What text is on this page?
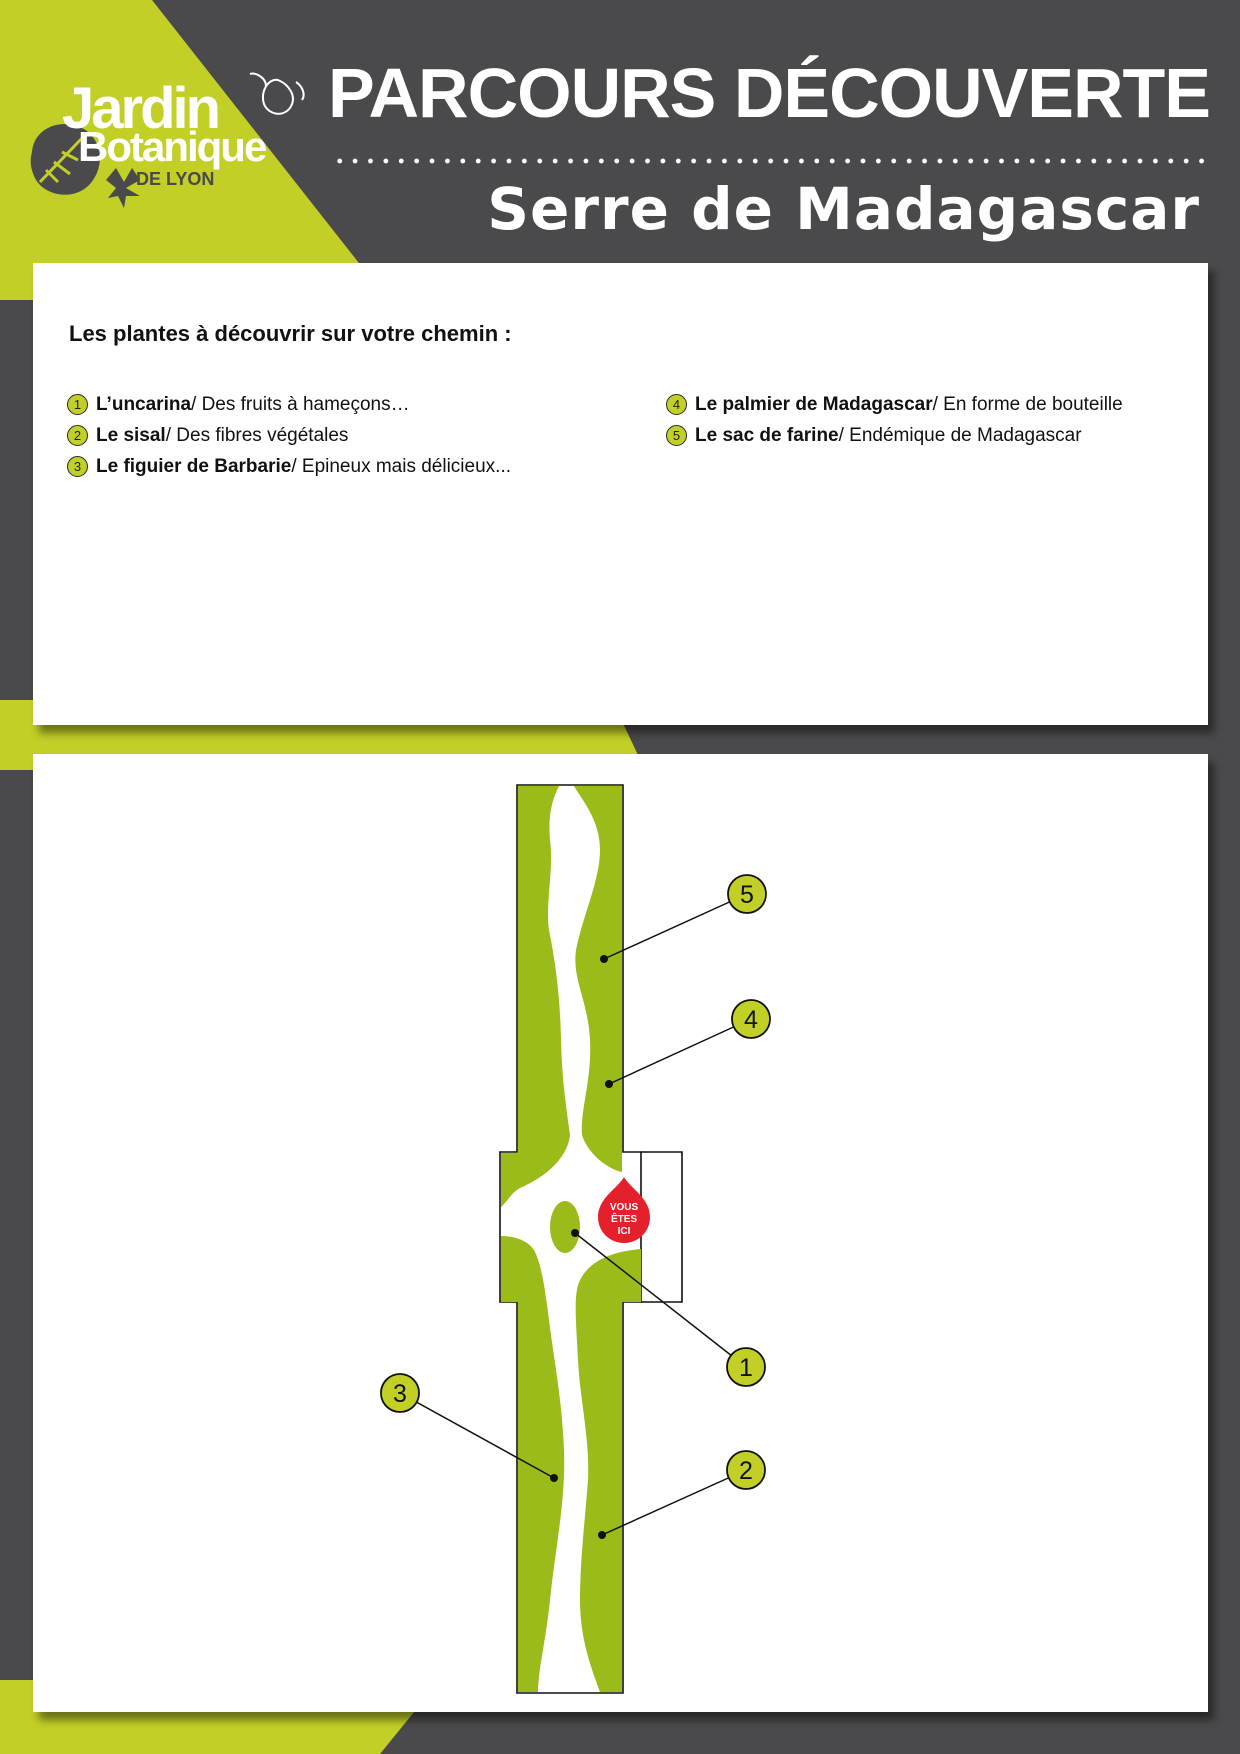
Jardin
Botanique
DE LYON
PARCOURS DÉCOUVERTE
Serre de Madagascar
Les plantes à découvrir sur votre chemin :
1 L’uncarina / Des fruits à hameçons…
2 Le sisal / Des fibres végétales
3 Le figuier de Barbarie / Epineux mais délicieux...
4 Le palmier de Madagascar / En forme de bouteille
5 Le sac de farine / Endémique de Madagascar
5
4
1
3
2
VOUS
ÊTES
ICI
